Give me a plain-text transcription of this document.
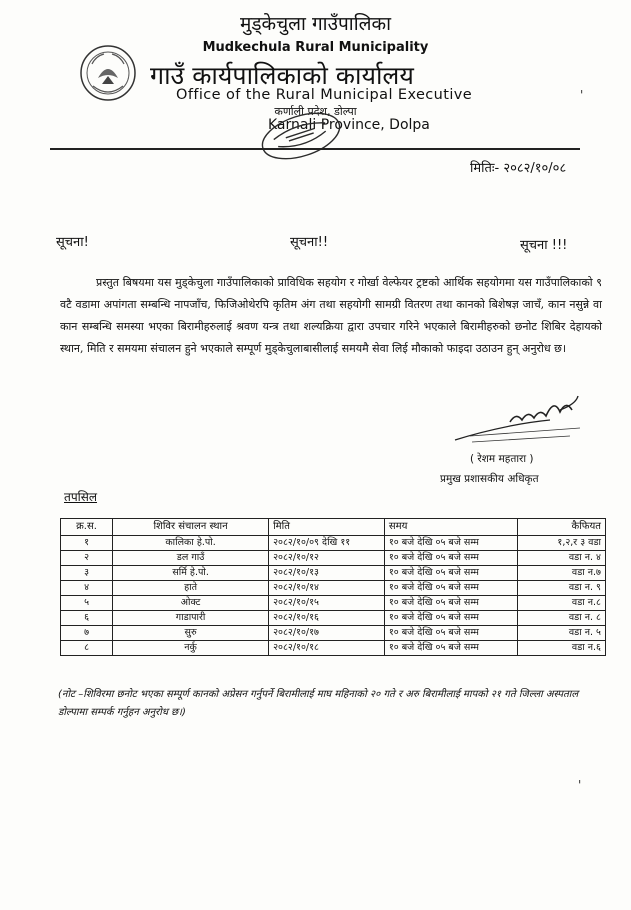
मुड्केचुला गाउँपालिका
Mudkechula Rural Municipality
गाउँ कार्यपालिकाको कार्यालय
Office of the Rural Municipal Executive
कर्णाली प्रदेश, डोल्पा
Karnali Province, Dolpa
मितिः- २०८२/१०/०८
सूचना!	सूचना!!	सूचना !!!
प्रस्तुत बिषयमा यस मुड्केचुला गाउँपालिकाको प्राविधिक सहयोग र गोर्खा वेल्फेयर ट्रष्टको आर्थिक सहयोगमा यस गाउँपालिकाको ९ वटै वडामा अपांगता सम्बन्धि नापजाँच, फिजिओथेरपि कृतिम अंग तथा सहयोगी सामग्री वितरण तथा कानको बिशेषज्ञ जाचँ, कान नसुन्ने वा कान सम्बन्धि समस्या भएका बिरामीहरुलाई श्रवण यन्त्र तथा शल्यक्रिया द्वारा उपचार गरिने भएकाले बिरामीहरुको छनोट शिबिर देहायको स्थान, मिति र समयमा संचालन हुने भएकाले सम्पूर्ण मुड्केचुलाबासीलाई समयमै सेवा लिई मौकाको फाइदा उठाउन हुन् अनुरोध छ।
( रेशम महतारा )
प्रमुख प्रशासकीय अधिकृत
तपसिल
क्र.स.	शिविर संचालन स्थान	मिति	समय	कैफियत
१	कालिका हे.पो.	२०८२/१०/०९ देखि ११	१० बजे देखि ०५ बजे सम्म	१,२,र ३ वडा
२	डल गाउँ	२०८२/१०/१२	१० बजे देखि ०५ बजे सम्म	वडा न. ४
३	सर्मि हे.पो.	२०८२/१०/१३	१० बजे देखि ०५ बजे सम्म	वडा न.७
४	हाते	२०८२/१०/१४	१० बजे देखि ०५ बजे सम्म	वडा न. ९
५	ओक्ट	२०८२/१०/१५	१० बजे देखि ०५ बजे सम्म	वडा न.८
६	गाडापारी	२०८२/१०/१६	१० बजे देखि ०५ बजे सम्म	वडा न. ८
७	सुरु	२०८२/१०/१७	१० बजे देखि ०५ बजे सम्म	वडा न. ५
८	नर्कु	२०८२/१०/१८	१० बजे देखि ०५ बजे सम्म	वडा न.६
(नोट –शिविरमा छनोट भएका सम्पूर्ण कानको अप्रेसन गर्नुपर्ने बिरामीलाई माघ महिनाको २० गते र अरु बिरामीलाई मापको २१ गते जिल्ला अस्पताल डोल्पामा सम्पर्क गर्नुहन अनुरोध छ।)
'
'
